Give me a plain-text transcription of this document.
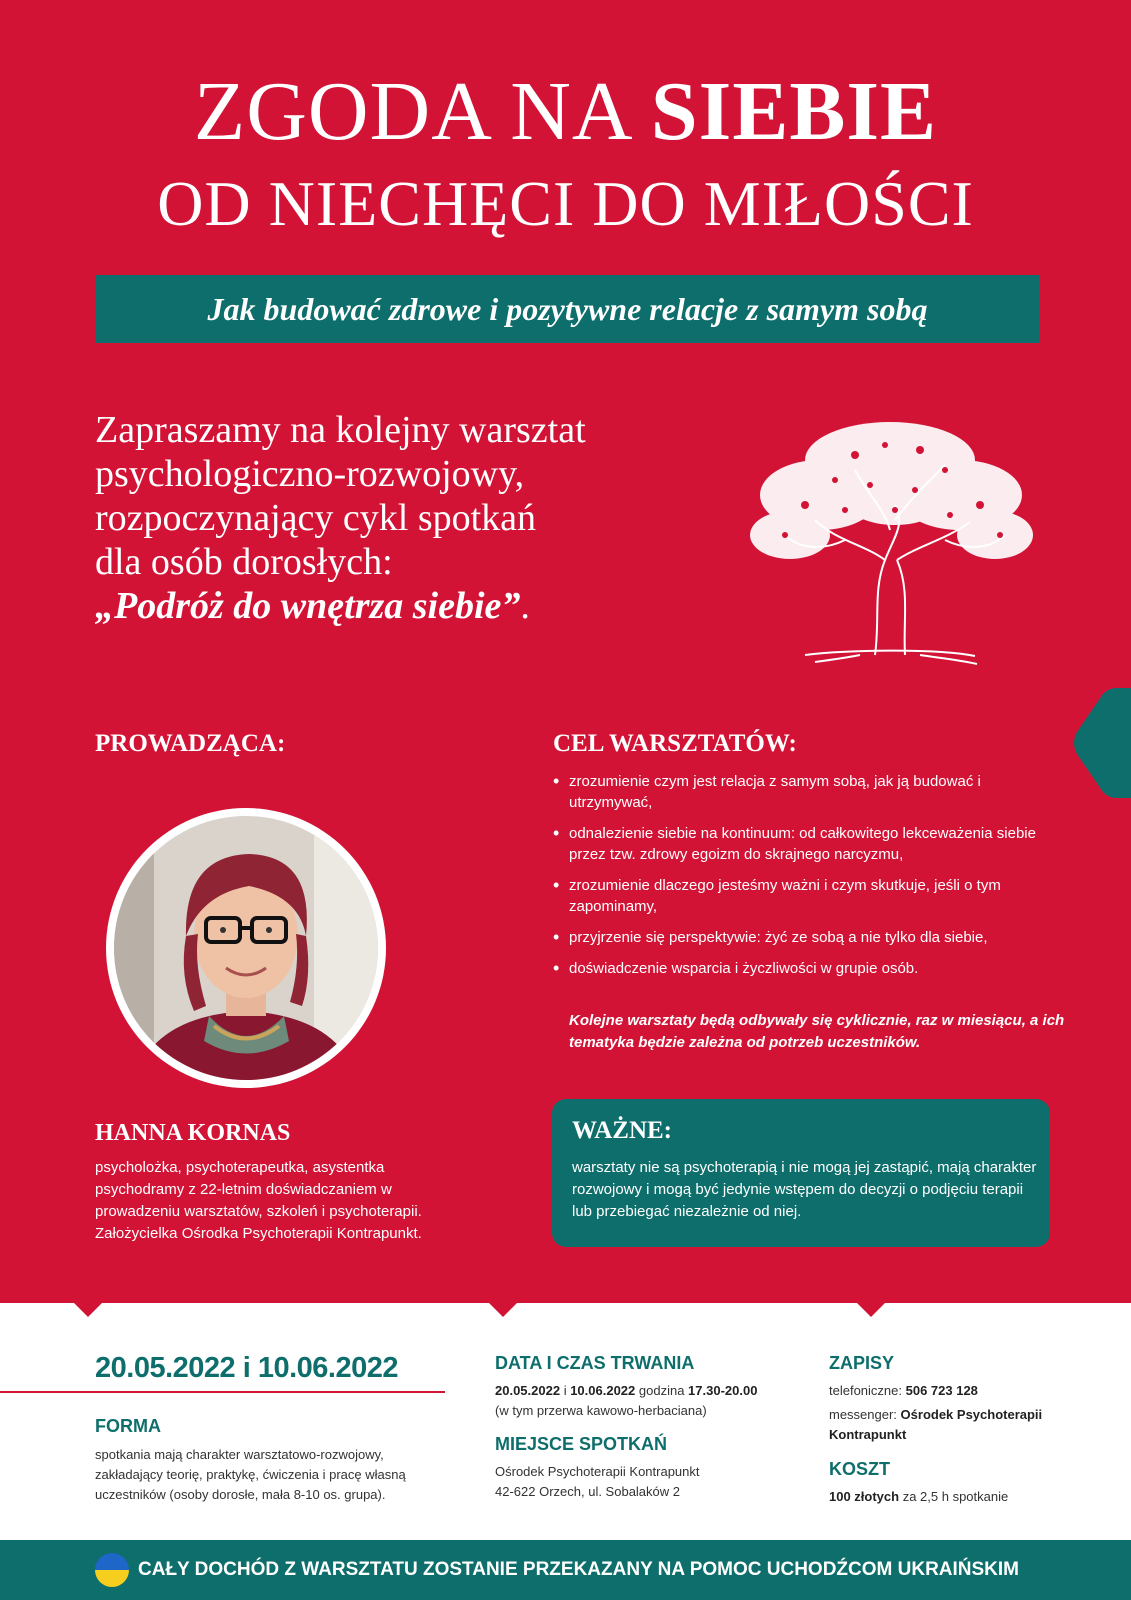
ZGODA NA SIEBIE
OD NIECHĘCI DO MIŁOŚCI
Jak budować zdrowe i pozytywne relacje z samym sobą
Zapraszamy na kolejny warsztat
psychologiczno-rozwojowy,
rozpoczynający cykl spotkań
dla osób dorosłych:
„Podróż do wnętrza siebie”.
PROWADZĄCA:	CEL WARSZTATÓW:
• zrozumienie czym jest relacja z samym sobą, jak ją budować i utrzymywać,
• odnalezienie siebie na kontinuum: od całkowitego lekceważenia siebie przez tzw. zdrowy egoizm do skrajnego narcyzmu,
• zrozumienie dlaczego jesteśmy ważni i czym skutkuje, jeśli o tym zapominamy,
• przyjrzenie się perspektywie: żyć ze sobą a nie tylko dla siebie,
• doświadczenie wsparcia i życzliwości w grupie osób.
Kolejne warsztaty będą odbywały się cyklicznie, raz w miesiącu, a ich tematyka będzie zależna od potrzeb uczestników.
HANNA KORNAS
psycholożka, psychoterapeutka, asystentka psychodramy z 22-letnim doświadczaniem w prowadzeniu warsztatów, szkoleń i psychoterapii. Założycielka Ośrodka Psychoterapii Kontrapunkt.
WAŻNE:
warsztaty nie są psychoterapią i nie mogą jej zastąpić, mają charakter rozwojowy i mogą być jedynie wstępem do decyzji o podjęciu terapii lub przebiegać niezależnie od niej.
20.05.2022 i 10.06.2022
FORMA
spotkania mają charakter warsztatowo-rozwojowy, zakładający teorię, praktykę, ćwiczenia i pracę własną uczestników (osoby dorosłe, mała 8-10 os. grupa).
DATA I CZAS TRWANIA
20.05.2022 i 10.06.2022 godzina 17.30-20.00
(w tym przerwa kawowo-herbaciana)
MIEJSCE SPOTKAŃ
Ośrodek Psychoterapii Kontrapunkt
42-622 Orzech, ul. Sobalaków 2
ZAPISY
telefoniczne: 506 723 128
messenger: Ośrodek Psychoterapii Kontrapunkt
KOSZT
100 złotych za 2,5 h spotkanie
CAŁY DOCHÓD Z WARSZTATU ZOSTANIE PRZEKAZANY NA POMOC UCHODŹCOM UKRAIŃSKIM
